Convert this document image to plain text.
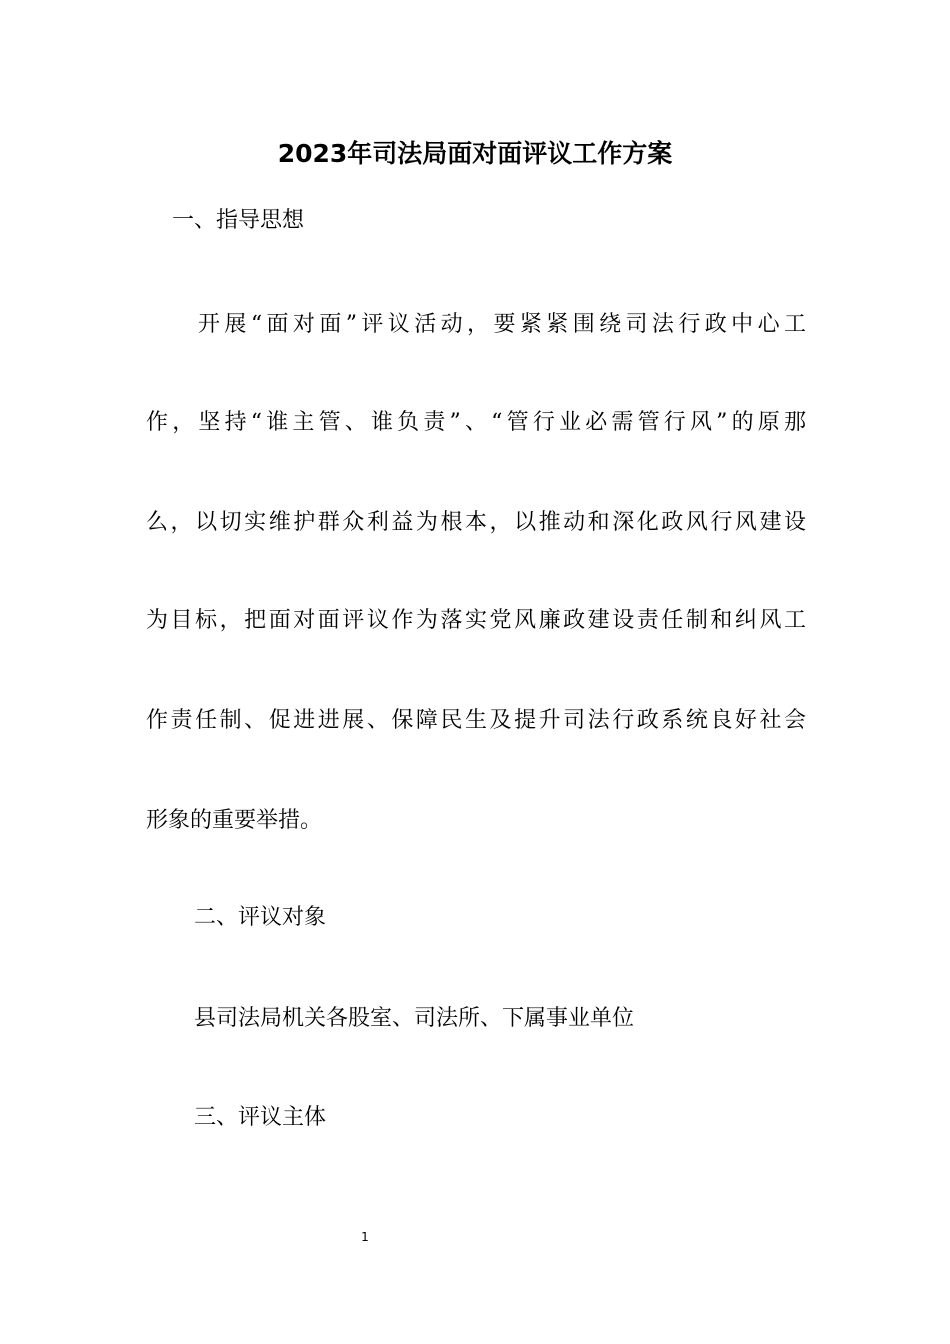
2023年司法局面对面评议工作方案

一、指导思想

开展“面对面”评议活动，要紧紧围绕司法行政中心工

作，坚持“谁主管、谁负责”、“管行业必需管行风”的原那

么，以切实维护群众利益为根本，以推动和深化政风行风建设

为目标，把面对面评议作为落实党风廉政建设责任制和纠风工

作责任制、促进进展、保障民生及提升司法行政系统良好社会

形象的重要举措。

二、评议对象

县司法局机关各股室、司法所、下属事业单位

三、评议主体

1
